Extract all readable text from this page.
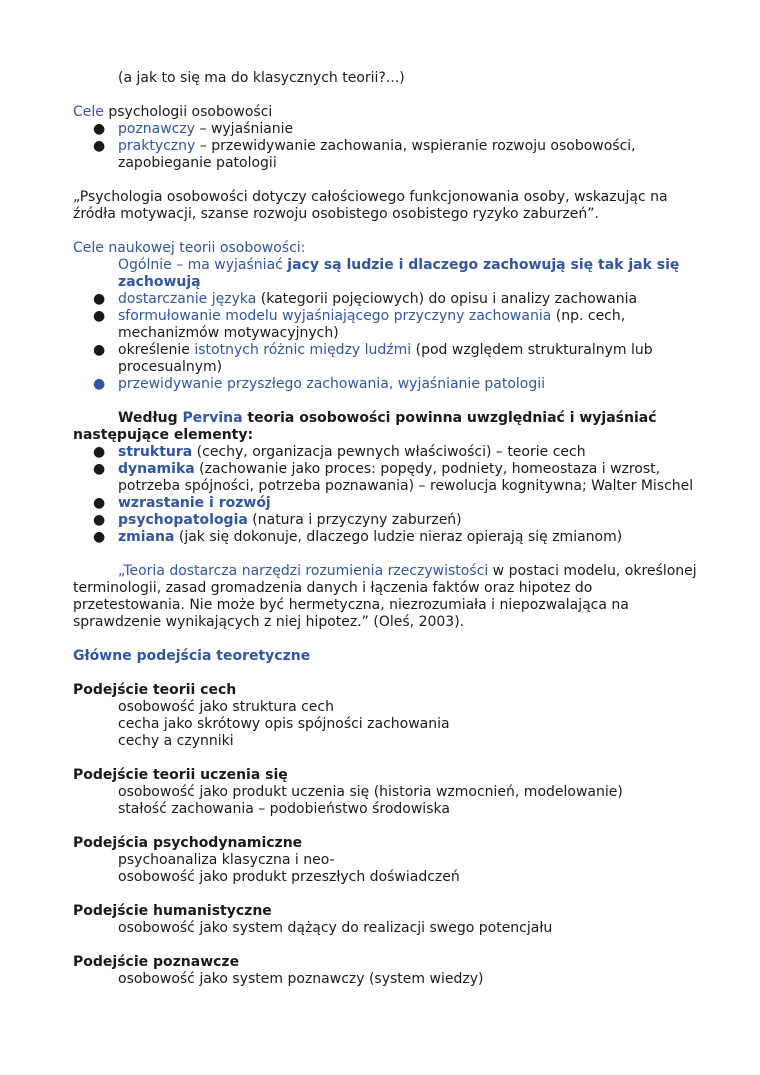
(a jak to się ma do klasycznych teorii?...)

Cele psychologii osobowości

● poznawczy – wyjaśnianie
● praktyczny – przewidywanie zachowania, wspieranie rozwoju osobowości, zapobieganie patologii

„Psychologia osobowości dotyczy całościowego funkcjonowania osoby, wskazując na źródła motywacji, szanse rozwoju osobistego osobistego ryzyko zaburzeń”.

Cele naukowej teorii osobowości:

Ogólnie – ma wyjaśniać jacy są ludzie i dlaczego zachowują się tak jak się zachowują

● dostarczanie języka (kategorii pojęciowych) do opisu i analizy zachowania
● sformułowanie modelu wyjaśniającego przyczyny zachowania (np. cech, mechanizmów motywacyjnych)
● określenie istotnych różnic między ludźmi (pod względem strukturalnym lub procesualnym)
● przewidywanie przyszłego zachowania, wyjaśnianie patologii

Według Pervina teoria osobowości powinna uwzględniać i wyjaśniać następujące elementy:

● struktura (cechy, organizacja pewnych właściwości) – teorie cech
● dynamika (zachowanie jako proces: popędy, podniety, homeostaza i wzrost, potrzeba spójności, potrzeba poznawania) – rewolucja kognitywna; Walter Mischel
● wzrastanie i rozwój
● psychopatologia (natura i przyczyny zaburzeń)
● zmiana (jak się dokonuje, dlaczego ludzie nieraz opierają się zmianom)

„Teoria dostarcza narzędzi rozumienia rzeczywistości w postaci modelu, określonej terminologii, zasad gromadzenia danych i łączenia faktów oraz hipotez do przetestowania. Nie może być hermetyczna, niezrozumiała i niepozwalająca na sprawdzenie wynikających z niej hipotez.” (Oleś, 2003).

Główne podejścia teoretyczne

Podejście teorii cech

osobowość jako struktura cech

cecha jako skrótowy opis spójności zachowania

cechy a czynniki

Podejście teorii uczenia się

osobowość jako produkt uczenia się (historia wzmocnień, modelowanie)

stałość zachowania – podobieństwo środowiska

Podejścia psychodynamiczne

psychoanaliza klasyczna i neo-

osobowość jako produkt przeszłych doświadczeń

Podejście humanistyczne

osobowość jako system dążący do realizacji swego potencjału

Podejście poznawcze

osobowość jako system poznawczy (system wiedzy)
